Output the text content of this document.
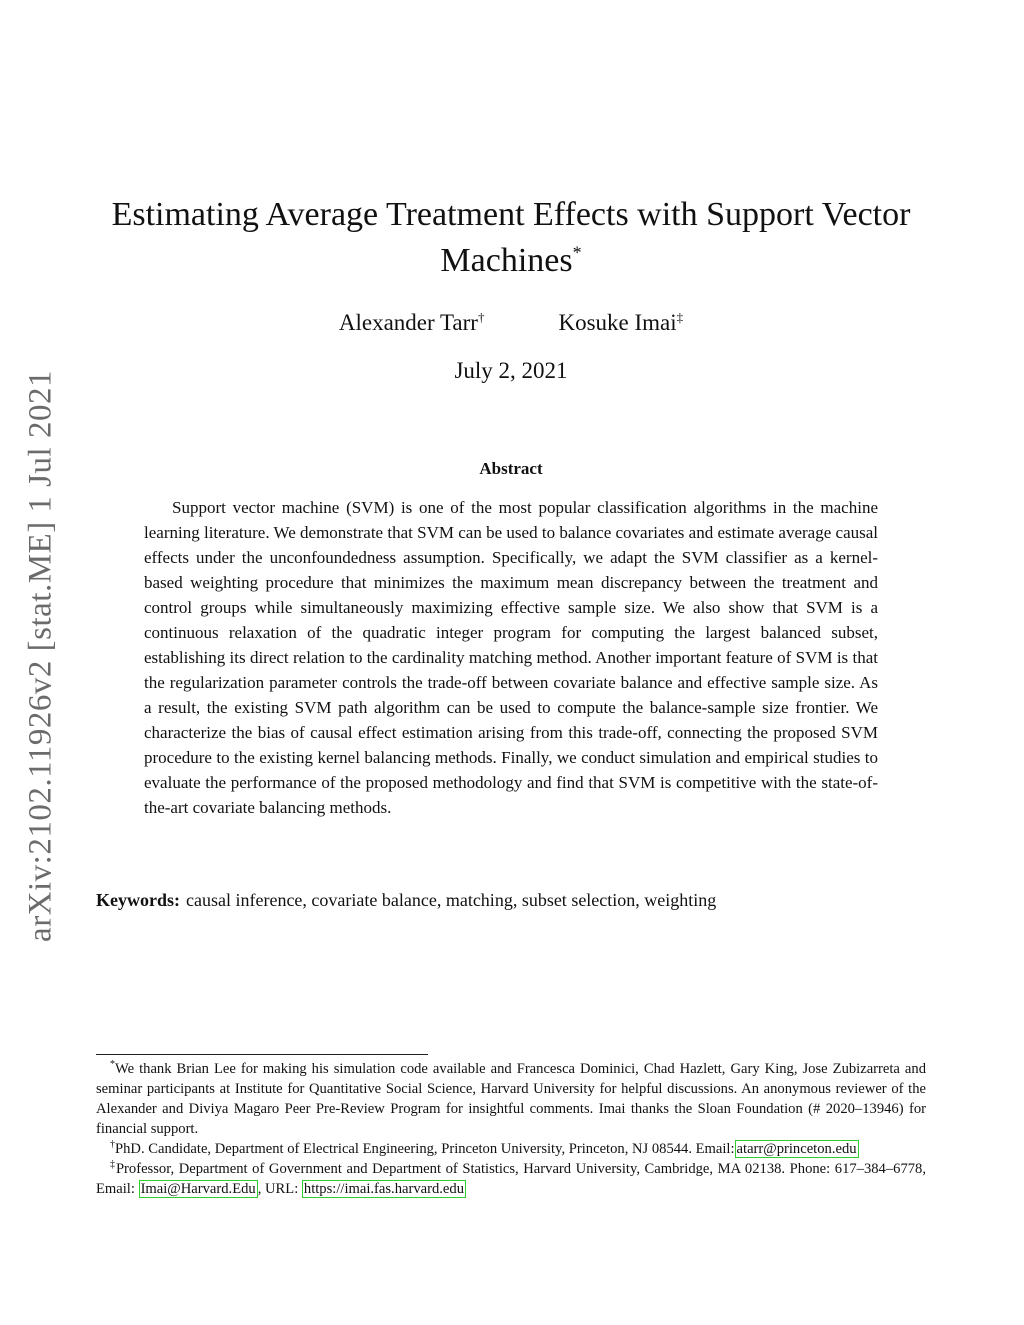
arXiv:2102.11926v2 [stat.ME] 1 Jul 2021
Estimating Average Treatment Effects with Support Vector Machines*
Alexander Tarr†	Kosuke Imai‡
July 2, 2021
Abstract

Support vector machine (SVM) is one of the most popular classification algorithms in the machine learning literature. We demonstrate that SVM can be used to balance covariates and estimate average causal effects under the unconfoundedness assumption. Specifically, we adapt the SVM classifier as a kernel-based weighting procedure that minimizes the maximum mean discrepancy between the treatment and control groups while simultaneously maximizing effective sample size. We also show that SVM is a continuous relaxation of the quadratic integer program for computing the largest balanced subset, establishing its direct relation to the cardinality matching method. Another important feature of SVM is that the regularization parameter controls the trade-off between covariate balance and effective sample size. As a result, the existing SVM path algorithm can be used to compute the balance-sample size frontier. We characterize the bias of causal effect estimation arising from this trade-off, connecting the proposed SVM procedure to the existing kernel balancing methods. Finally, we conduct simulation and empirical studies to evaluate the performance of the proposed methodology and find that SVM is competitive with the state-of-the-art covariate balancing methods.

Keywords: causal inference, covariate balance, matching, subset selection, weighting

*We thank Brian Lee for making his simulation code available and Francesca Dominici, Chad Hazlett, Gary King, Jose Zubizarreta and seminar participants at Institute for Quantitative Social Science, Harvard University for helpful discussions. An anonymous reviewer of the Alexander and Diviya Magaro Peer Pre-Review Program for insightful comments. Imai thanks the Sloan Foundation (# 2020–13946) for financial support.

†PhD. Candidate, Department of Electrical Engineering, Princeton University, Princeton, NJ 08544. Email: atarr@princeton.edu

‡Professor, Department of Government and Department of Statistics, Harvard University, Cambridge, MA 02138. Phone: 617–384–6778, Email: Imai@Harvard.Edu , URL: https://imai.fas.harvard.edu
